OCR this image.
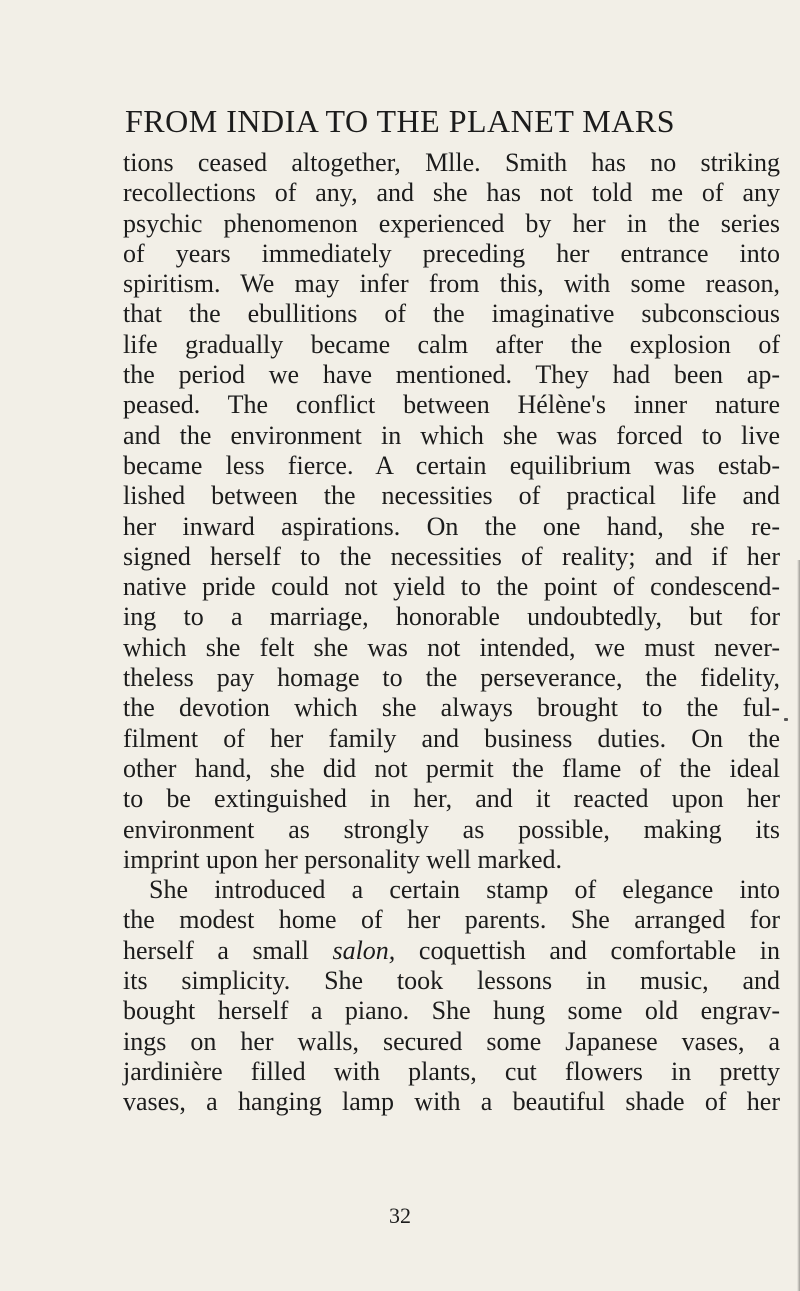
FROM INDIA TO THE PLANET MARS
tions ceased altogether, Mlle. Smith has no striking
recollections of any, and she has not told me of any
psychic phenomenon experienced by her in the series
of years immediately preceding her entrance into
spiritism. We may infer from this, with some reason,
that the ebullitions of the imaginative subconscious
life gradually became calm after the explosion of
the period we have mentioned. They had been ap-
peased. The conflict between Hélène's inner nature
and the environment in which she was forced to live
became less fierce. A certain equilibrium was estab-
lished between the necessities of practical life and
her inward aspirations. On the one hand, she re-
signed herself to the necessities of reality; and if her
native pride could not yield to the point of condescend-
ing to a marriage, honorable undoubtedly, but for
which she felt she was not intended, we must never-
theless pay homage to the perseverance, the fidelity,
the devotion which she always brought to the ful-
filment of her family and business duties. On the
other hand, she did not permit the flame of the ideal
to be extinguished in her, and it reacted upon her
environment as strongly as possible, making its
imprint upon her personality well marked.
She introduced a certain stamp of elegance into
the modest home of her parents. She arranged for
herself a small salon, coquettish and comfortable in
its simplicity. She took lessons in music, and
bought herself a piano. She hung some old engrav-
ings on her walls, secured some Japanese vases, a
jardinière filled with plants, cut flowers in pretty
vases, a hanging lamp with a beautiful shade of her
32
